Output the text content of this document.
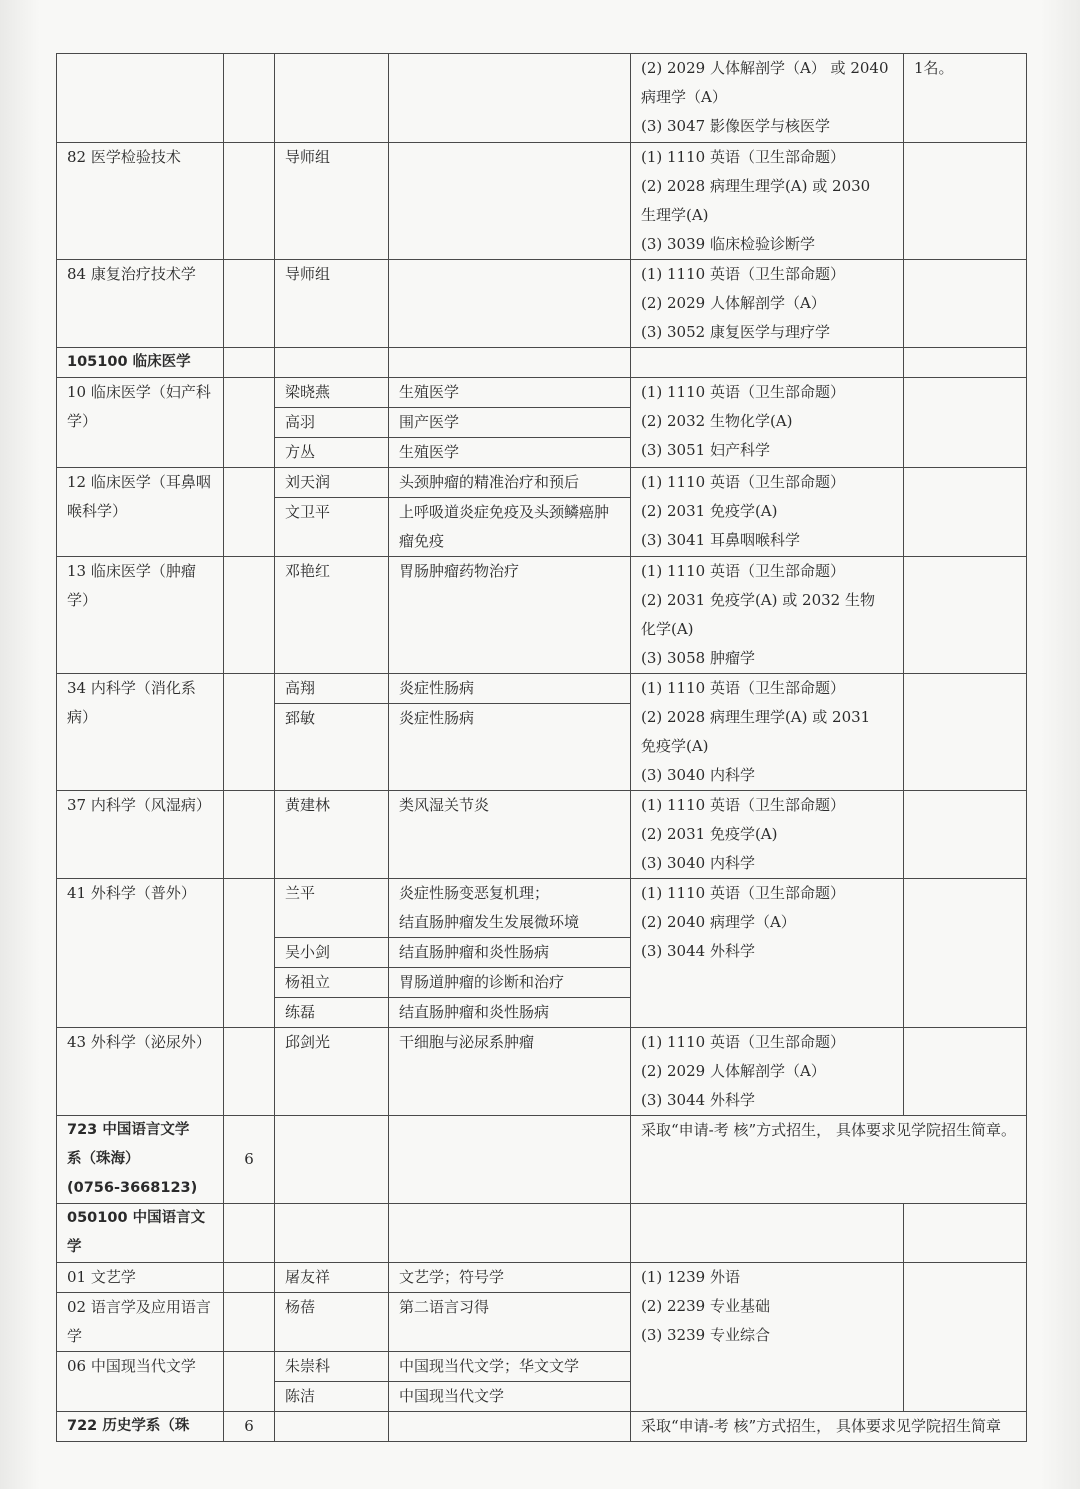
				(2) 2029 人体解剖学（A） 或 2040
病理学（A）
(3) 3047 影像医学与核医学	1名。
82 医学检验技术		导师组		(1) 1110 英语（卫生部命题）
(2) 2028 病理生理学(A) 或 2030
生理学(A)
(3) 3039 临床检验诊断学	

84 康复治疗技术学		导师组		(1) 1110 英语（卫生部命题）
(2) 2029 人体解剖学（A）
(3) 3052 康复医学与理疗学	

105100 临床医学					
10 临床医学（妇产科学）		梁晓燕	生殖医学	(1) 1110 英语（卫生部命题）
(2) 2032 生物化学(A)
(3) 3051 妇产科学	

		高羽	围产医学		
		方丛	生殖医学		
12 临床医学（耳鼻咽喉科学）		刘天润	头颈肿瘤的精准治疗和预后	(1) 1110 英语（卫生部命题）
(2) 2031 免疫学(A)
(3) 3041 耳鼻咽喉科学	

		文卫平	上呼吸道炎症免疫及头颈鳞癌肿瘤免疫		
13 临床医学（肿瘤学）		邓艳红	胃肠肿瘤药物治疗	(1) 1110 英语（卫生部命题）
(2) 2031 免疫学(A) 或 2032 生物
化学(A)
(3) 3058 肿瘤学	

34 内科学（消化系病）		高翔	炎症性肠病	(1) 1110 英语（卫生部命题）
(2) 2028 病理生理学(A) 或 2031
免疫学(A)
(3) 3040 内科学	

		郅敏	炎症性肠病		
37 内科学（风湿病）		黄建林	类风湿关节炎	(1) 1110 英语（卫生部命题）
(2) 2031 免疫学(A)
(3) 3040 内科学	

41 外科学（普外）		兰平	炎症性肠变恶复机理；
结直肠肿瘤发生发展微环境	(1) 1110 英语（卫生部命题）
(2) 2040 病理学（A）
(3) 3044 外科学	

		吴小剑	结直肠肿瘤和炎性肠病		
		杨祖立	胃肠道肿瘤的诊断和治疗		
		练磊	结直肠肿瘤和炎性肠病		
43 外科学（泌尿外）		邱剑光	干细胞与泌尿系肿瘤	(1) 1110 英语（卫生部命题）
(2) 2029 人体解剖学（A）
(3) 3044 外科学	

723 中国语言文学
系（珠海）
(0756-3668123)	6			采取“申请-考 核”方式招生， 具体要求见学院招生简章。	

050100 中国语言文
学					

01 文艺学		屠友祥	文艺学；符号学	(1) 1239 外语
(2) 2239 专业基础
(3) 3239 专业综合	

02 语言学及应用语言学		杨蓓	第二语言习得		
06 中国现当代文学		朱崇科	中国现当代文学；华文文学		
		陈洁	中国现当代文学		
722 历史学系（珠	6			采取“申请-考 核”方式招生， 具体要求见学院招生简章	
